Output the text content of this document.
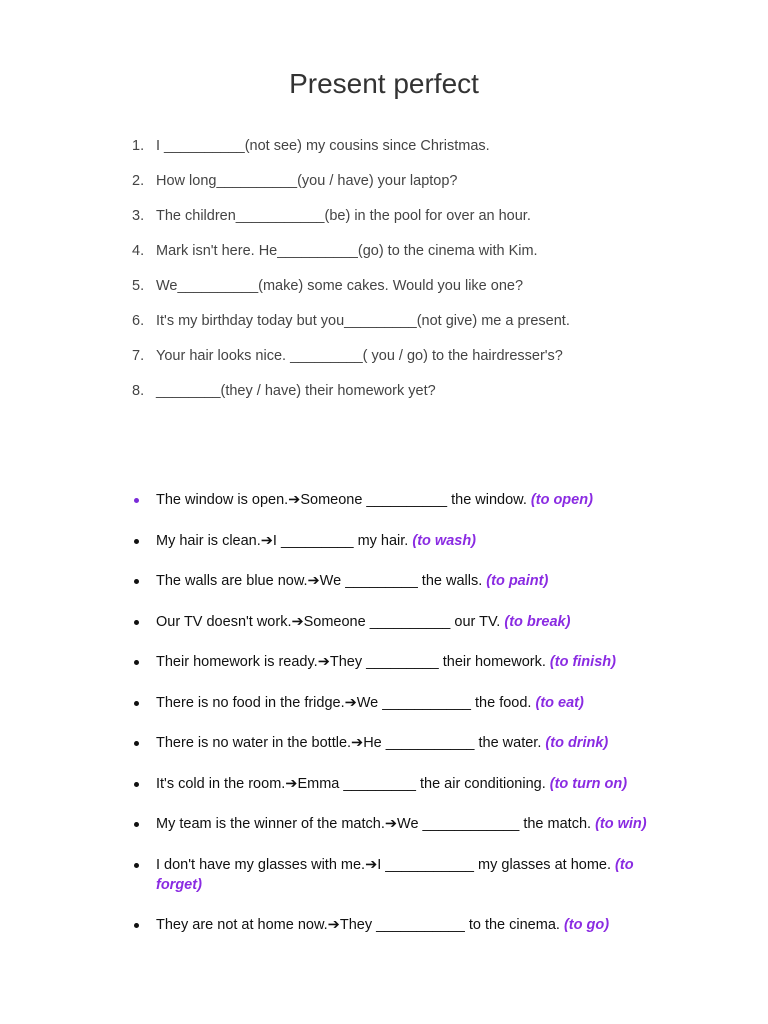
Present perfect
1. I __________(not see) my cousins since Christmas.
2. How long__________(you / have) your laptop?
3. The children___________(be) in the pool for over an hour.
4. Mark isn't here. He__________(go) to the cinema with Kim.
5. We__________(make) some cakes. Would you like one?
6. It's my birthday today but you_________(not give) me a present.
7. Your hair looks nice. _________( you / go) to the hairdresser's?
8. ________(they / have) their homework yet?
The window is open.➔Someone __________ the window. (to open)
My hair is clean.➔I _________ my hair. (to wash)
The walls are blue now.➔We _________ the walls. (to paint)
Our TV doesn't work.➔Someone __________ our TV. (to break)
Their homework is ready.➔They _________ their homework. (to finish)
There is no food in the fridge.➔We ___________ the food. (to eat)
There is no water in the bottle.➔He ___________ the water. (to drink)
It's cold in the room.➔Emma _________ the air conditioning. (to turn on)
My team is the winner of the match.➔We ____________ the match. (to win)
I don't have my glasses with me.➔I ___________ my glasses at home. (to forget)
They are not at home now.➔They ___________ to the cinema. (to go)
